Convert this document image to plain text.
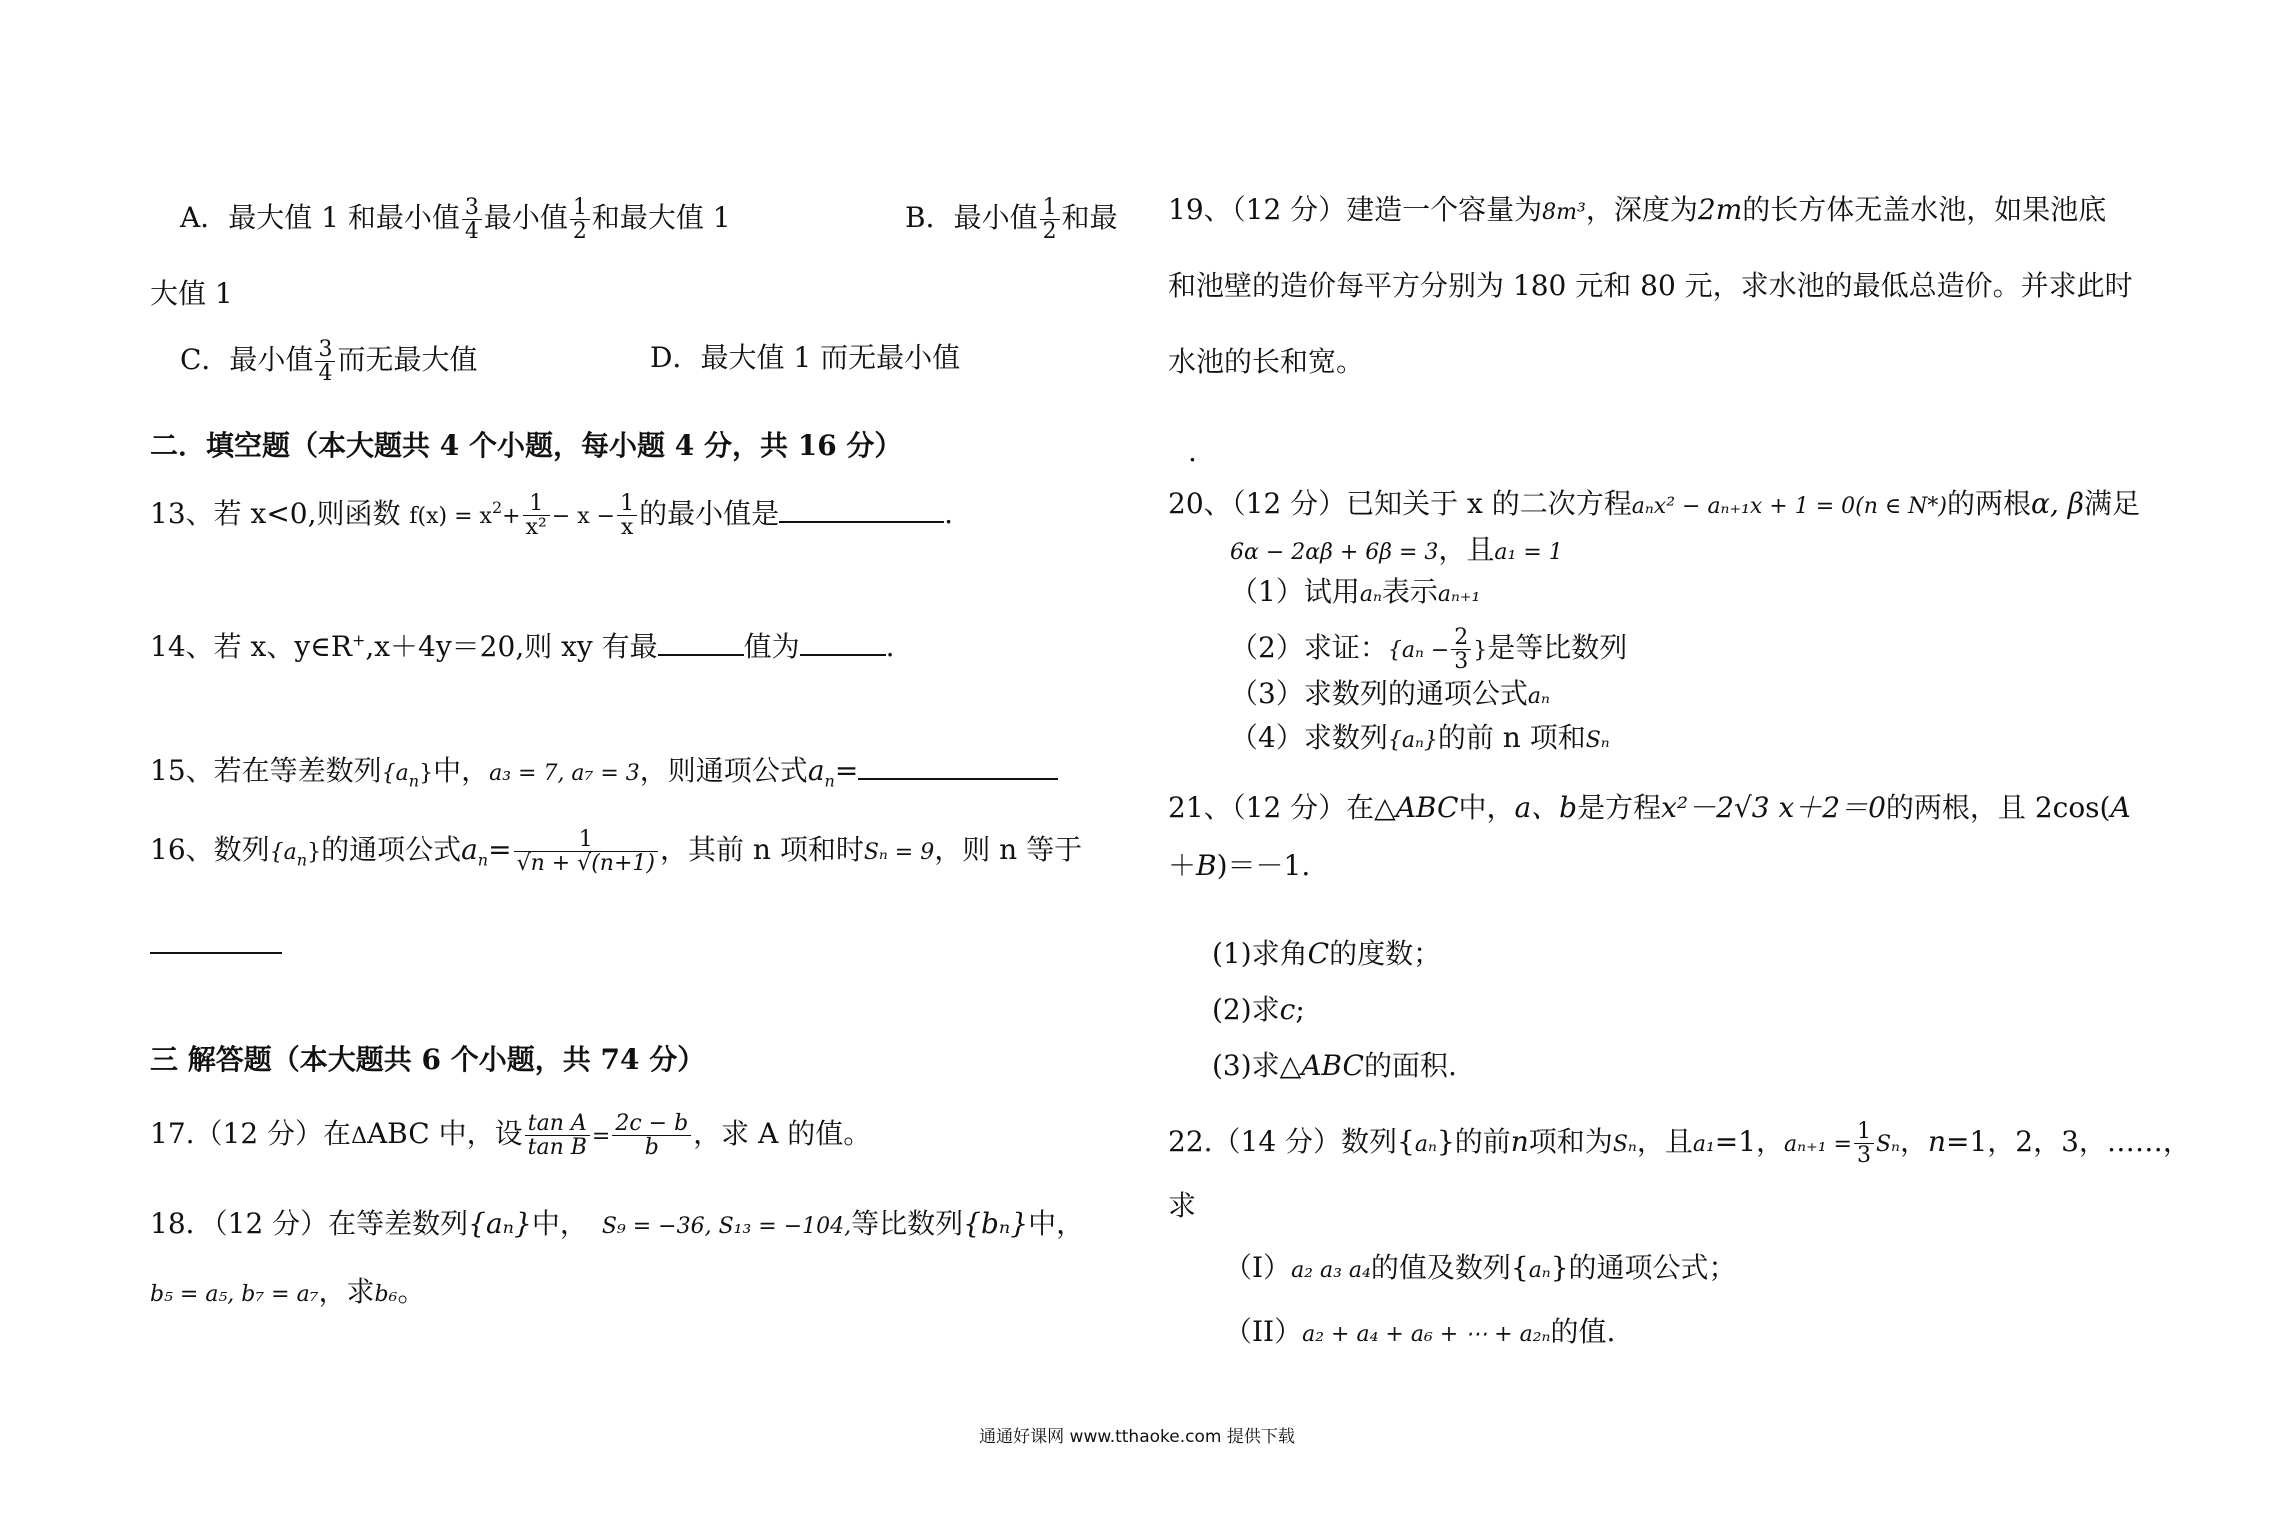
A．最大值 1 和最小值 $\frac{3}{4}$ 最小值 $\frac{1}{2}$ 和最大值 1	B．最小值 $\frac{1}{2}$ 和最
大值 1
C．最小值 $\frac{3}{4}$ 而无最大值	D．最大值 1 而无最小值
二．填空题（本大题共 4 个小题，每小题 4 分，共 16 分）
13、若 x<0,则函数 $f(x) = x^2+ \frac{1}{\text{x²}} - x - \frac{1}{x}$ 的最小值是	.
14、若 x、y∈R+,x＋4y＝20,则 xy 有最	值为	.
15、若在等差数列$\{a_n\}$中，a₃ = 7, a₇ = 3，则通项公式$a_n=$
16、数列$\{a_n\}$的通项公式$a_n= \frac{1}{√n + √(n+1)}$ ，其前 n 项和时Sₙ = 9，则 n 等于
三 解答题（本大题共 6 个小题，共 74 分）
17.（12 分）在ΔABC 中，设 $\frac{\text{tan A}}{\text{tan B}} = \frac{2c - b}{b}$ ，求 A 的值。
18．（12 分）在等差数列{aₙ}中， S₉ = −36, S₁₃ = −104,等比数列{bₙ}中，
b₅ = a₅, b₇ = a₇，求b₆。
19、（12 分）建造一个容量为8m³，深度为2m的长方体无盖水池，如果池底
和池壁的造价每平方分别为 180 元和 80 元，求水池的最低总造价。并求此时
水池的长和宽。
.
20、（12 分）已知关于 x 的二次方程aₙx² − aₙ₊₁x + 1 = 0(n ∈ N*)的两根α, β满足
6α − 2αβ + 6β = 3，且a₁ = 1
（1）试用aₙ表示aₙ₊₁
（2）求证：{$a_n - \frac{2}{3}$ }是等比数列
（3）求数列的通项公式aₙ
（4）求数列{aₙ}的前 n 项和Sₙ
21、（12 分）在△ABC中，a、b是方程x²－2√3 x＋2＝0的两根，且 2cos(A
＋B)＝－1.
(1)求角C的度数；
(2)求c;
(3)求△ABC的面积.
22.（14 分）数列{aₙ}的前n项和为Sₙ，且a₁=1，$a_{n+1} = \frac{1}{3}$ Sₙ，n=1，2，3，……，
求
（I）a₂ a₃ a₄的值及数列{aₙ}的通项公式；
（II）a₂ + a₄ + a₆ + ⋯ + a₂ₙ的值.
通通好课网 www.tthaoke.com 提供下载
